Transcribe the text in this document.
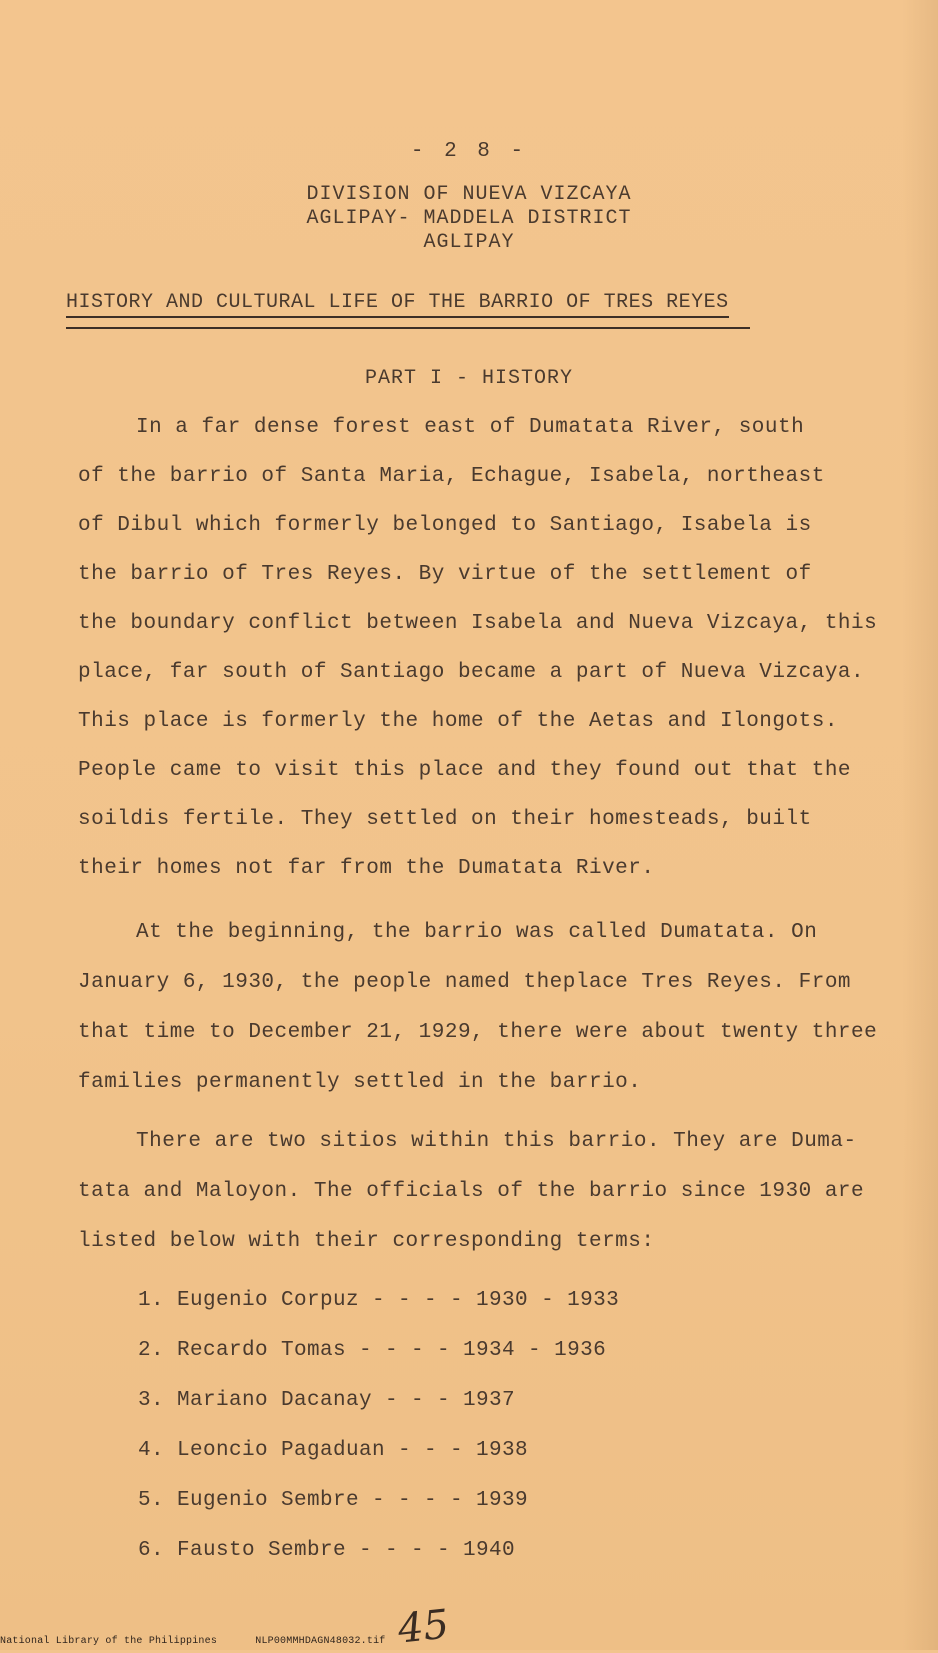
- 2 8 -
DIVISION OF NUEVA VIZCAYA
AGLIPAY- MADDELA DISTRICT
AGLIPAY
HISTORY AND CULTURAL LIFE OF THE BARRIO OF TRES REYES
PART I - HISTORY
In a far dense forest east of Dumatata River, south
of the barrio of Santa Maria, Echague, Isabela, northeast
of Dibul which formerly belonged to Santiago, Isabela is
the barrio of Tres Reyes. By virtue of the settlement of
the boundary conflict between Isabela and Nueva Vizcaya, this
place, far south of Santiago became a part of Nueva Vizcaya.
This place is formerly the home of the Aetas and Ilongots.
People came to visit this place and they found out that the
soildis fertile. They settled on their homesteads, built
their homes not far from the Dumatata River.
At the beginning, the barrio was called Dumatata. On
January 6, 1930, the people named theplace Tres Reyes. From
that time to December 21, 1929, there were about twenty three
families permanently settled in the barrio.
There are two sitios within this barrio. They are Duma-
tata and Maloyon. The officials of the barrio since 1930 are
listed below with their corresponding terms:
1. Eugenio Corpuz - - - - 1930 - 1933
2. Recardo Tomas - - - - 1934 - 1936
3. Mariano Dacanay - - - 1937
4. Leoncio Pagaduan - - - 1938
5. Eugenio Sembre - - - - 1939
6. Fausto Sembre - - - - 1940
45
National Library of the Philippines	NLP00MMHDAGN48032.tif
